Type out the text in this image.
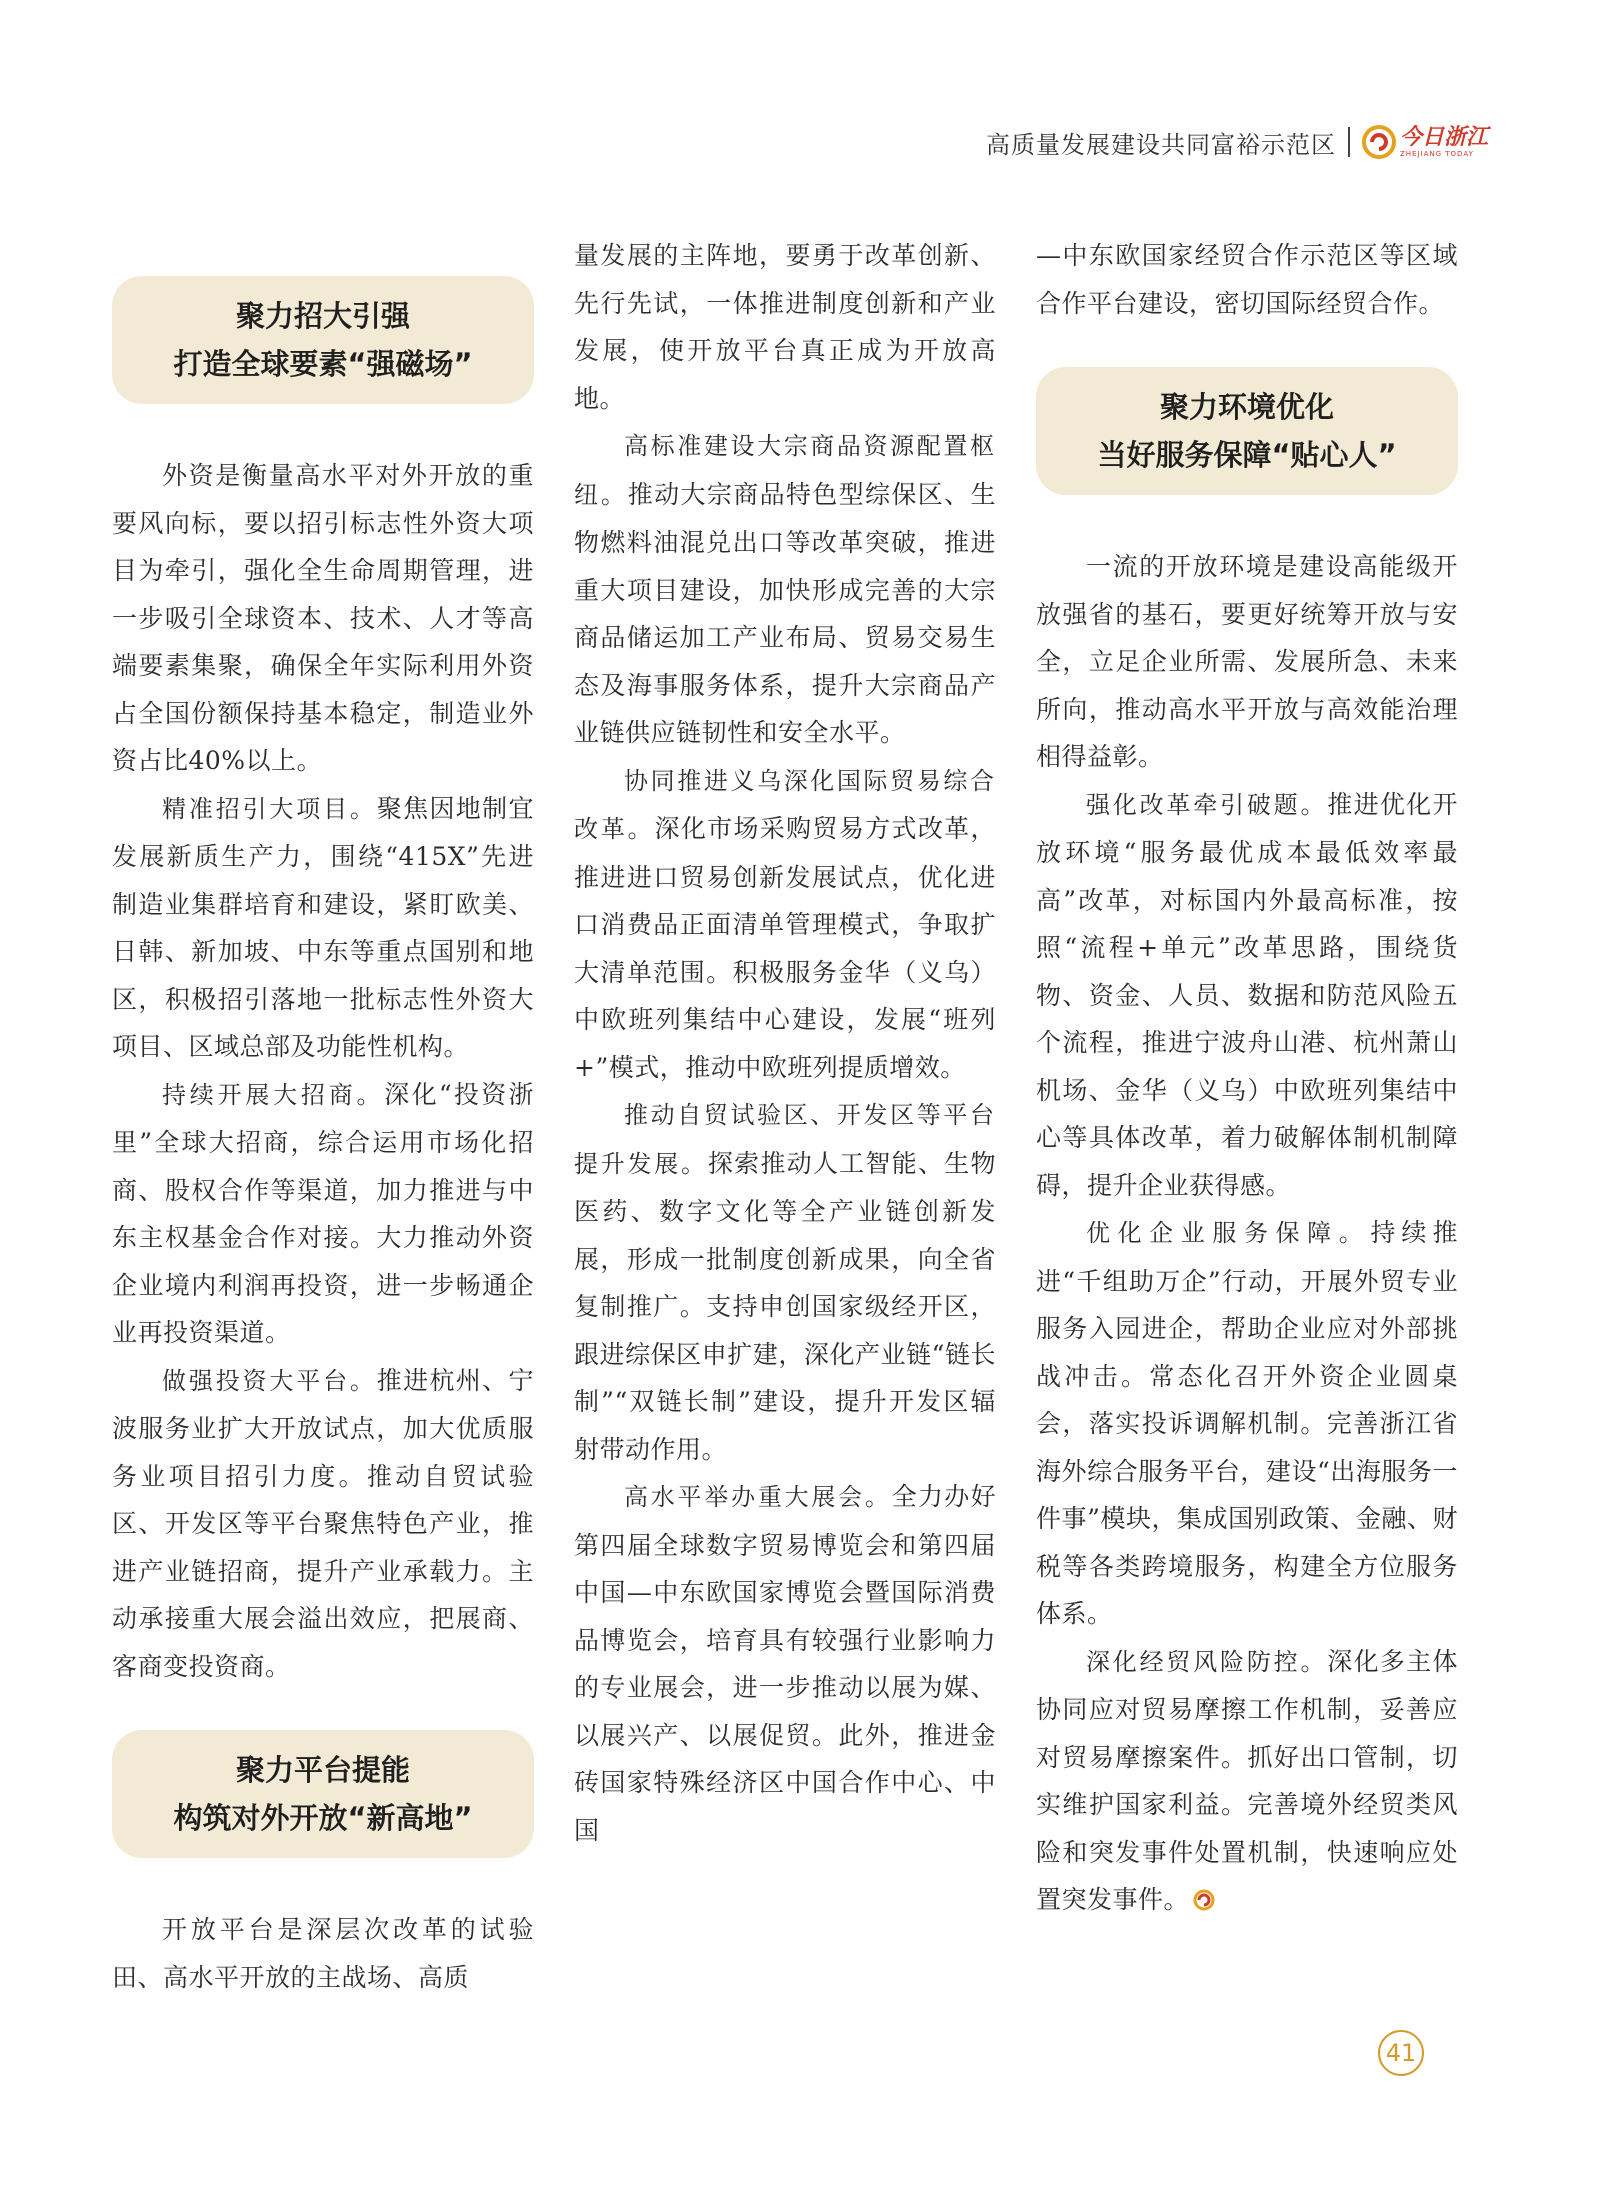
高质量发展建设共同富裕示范区	今日浙江
ZHEJIANG TODAY
聚力招大引强
打造全球要素“强磁场”

外资是衡量高水平对外开放的重要风向标，要以招引标志性外资大项目为牵引，强化全生命周期管理，进一步吸引全球资本、技术、人才等高端要素集聚，确保全年实际利用外资占全国份额保持基本稳定，制造业外资占比40%以上。

精准招引大项目。聚焦因地制宜发展新质生产力，围绕“415X”先进制造业集群培育和建设，紧盯欧美、日韩、新加坡、中东等重点国别和地区，积极招引落地一批标志性外资大项目、区域总部及功能性机构。

持续开展大招商。深化“投资浙里”全球大招商，综合运用市场化招商、股权合作等渠道，加力推进与中东主权基金合作对接。大力推动外资企业境内利润再投资，进一步畅通企业再投资渠道。

做强投资大平台。推进杭州、宁波服务业扩大开放试点，加大优质服务业项目招引力度。推动自贸试验区、开发区等平台聚焦特色产业，推进产业链招商，提升产业承载力。主动承接重大展会溢出效应，把展商、客商变投资商。

聚力平台提能
构筑对外开放“新高地”

开放平台是深层次改革的试验田、高水平开放的主战场、高质

量发展的主阵地，要勇于改革创新、先行先试，一体推进制度创新和产业发展，使开放平台真正成为开放高地。

高标准建设大宗商品资源配置枢纽。推动大宗商品特色型综保区、生物燃料油混兑出口等改革突破，推进重大项目建设，加快形成完善的大宗商品储运加工产业布局、贸易交易生态及海事服务体系，提升大宗商品产业链供应链韧性和安全水平。

协同推进义乌深化国际贸易综合改革。深化市场采购贸易方式改革，推进进口贸易创新发展试点，优化进口消费品正面清单管理模式，争取扩大清单范围。积极服务金华（义乌）中欧班列集结中心建设，发展“班列+”模式，推动中欧班列提质增效。

推动自贸试验区、开发区等平台提升发展。探索推动人工智能、生物医药、数字文化等全产业链创新发展，形成一批制度创新成果，向全省复制推广。支持申创国家级经开区，跟进综保区申扩建，深化产业链“链长制”“双链长制”建设，提升开发区辐射带动作用。

高水平举办重大展会。全力办好第四届全球数字贸易博览会和第四届中国—中东欧国家博览会暨国际消费品博览会，培育具有较强行业影响力的专业展会，进一步推动以展为媒、以展兴产、以展促贸。此外，推进金砖国家特殊经济区中国合作中心、中国

—中东欧国家经贸合作示范区等区域合作平台建设，密切国际经贸合作。

聚力环境优化
当好服务保障“贴心人”

一流的开放环境是建设高能级开放强省的基石，要更好统筹开放与安全，立足企业所需、发展所急、未来所向，推动高水平开放与高效能治理相得益彰。

强化改革牵引破题。推进优化开放环境“服务最优成本最低效率最高”改革，对标国内外最高标准，按照“流程+单元”改革思路，围绕货物、资金、人员、数据和防范风险五个流程，推进宁波舟山港、杭州萧山机场、金华（义乌）中欧班列集结中心等具体改革，着力破解体制机制障碍，提升企业获得感。

优化企业服务保障。持续推进“千组助万企”行动，开展外贸专业服务入园进企，帮助企业应对外部挑战冲击。常态化召开外资企业圆桌会，落实投诉调解机制。完善浙江省海外综合服务平台，建设“出海服务一件事”模块，集成国别政策、金融、财税等各类跨境服务，构建全方位服务体系。

深化经贸风险防控。深化多主体协同应对贸易摩擦工作机制，妥善应对贸易摩擦案件。抓好出口管制，切实维护国家利益。完善境外经贸类风险和突发事件处置机制，快速响应处置突发事件。

41
